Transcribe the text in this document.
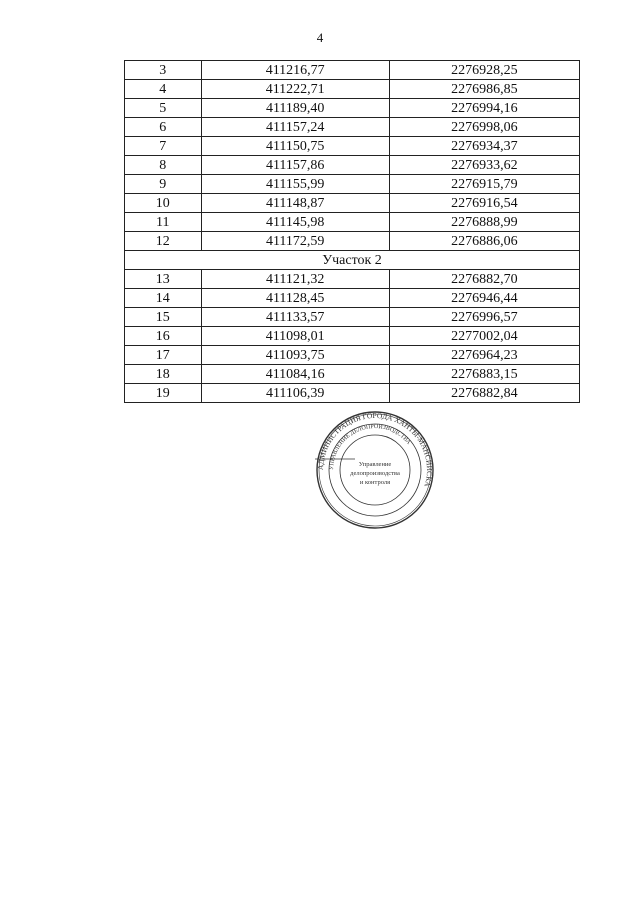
4
3	411216,77	2276928,25
4	411222,71	2276986,85
5	411189,40	2276994,16
6	411157,24	2276998,06
7	411150,75	2276934,37
8	411157,86	2276933,62
9	411155,99	2276915,79
10	411148,87	2276916,54
11	411145,98	2276888,99
12	411172,59	2276886,06
Участок 2		
13	411121,32	2276882,70
14	411128,45	2276946,44
15	411133,57	2276996,57
16	411098,01	2277002,04
17	411093,75	2276964,23
18	411084,16	2276883,15
19	411106,39	2276882,84
АДМИНИСТРАЦИЯ ГОРОДА ХАНТЫ-МАНСИЙСКА
УПРАВЛЕНИЕ ДЕЛОПРОИЗВОДСТВА
Управление
делопроизводства
и контроля
